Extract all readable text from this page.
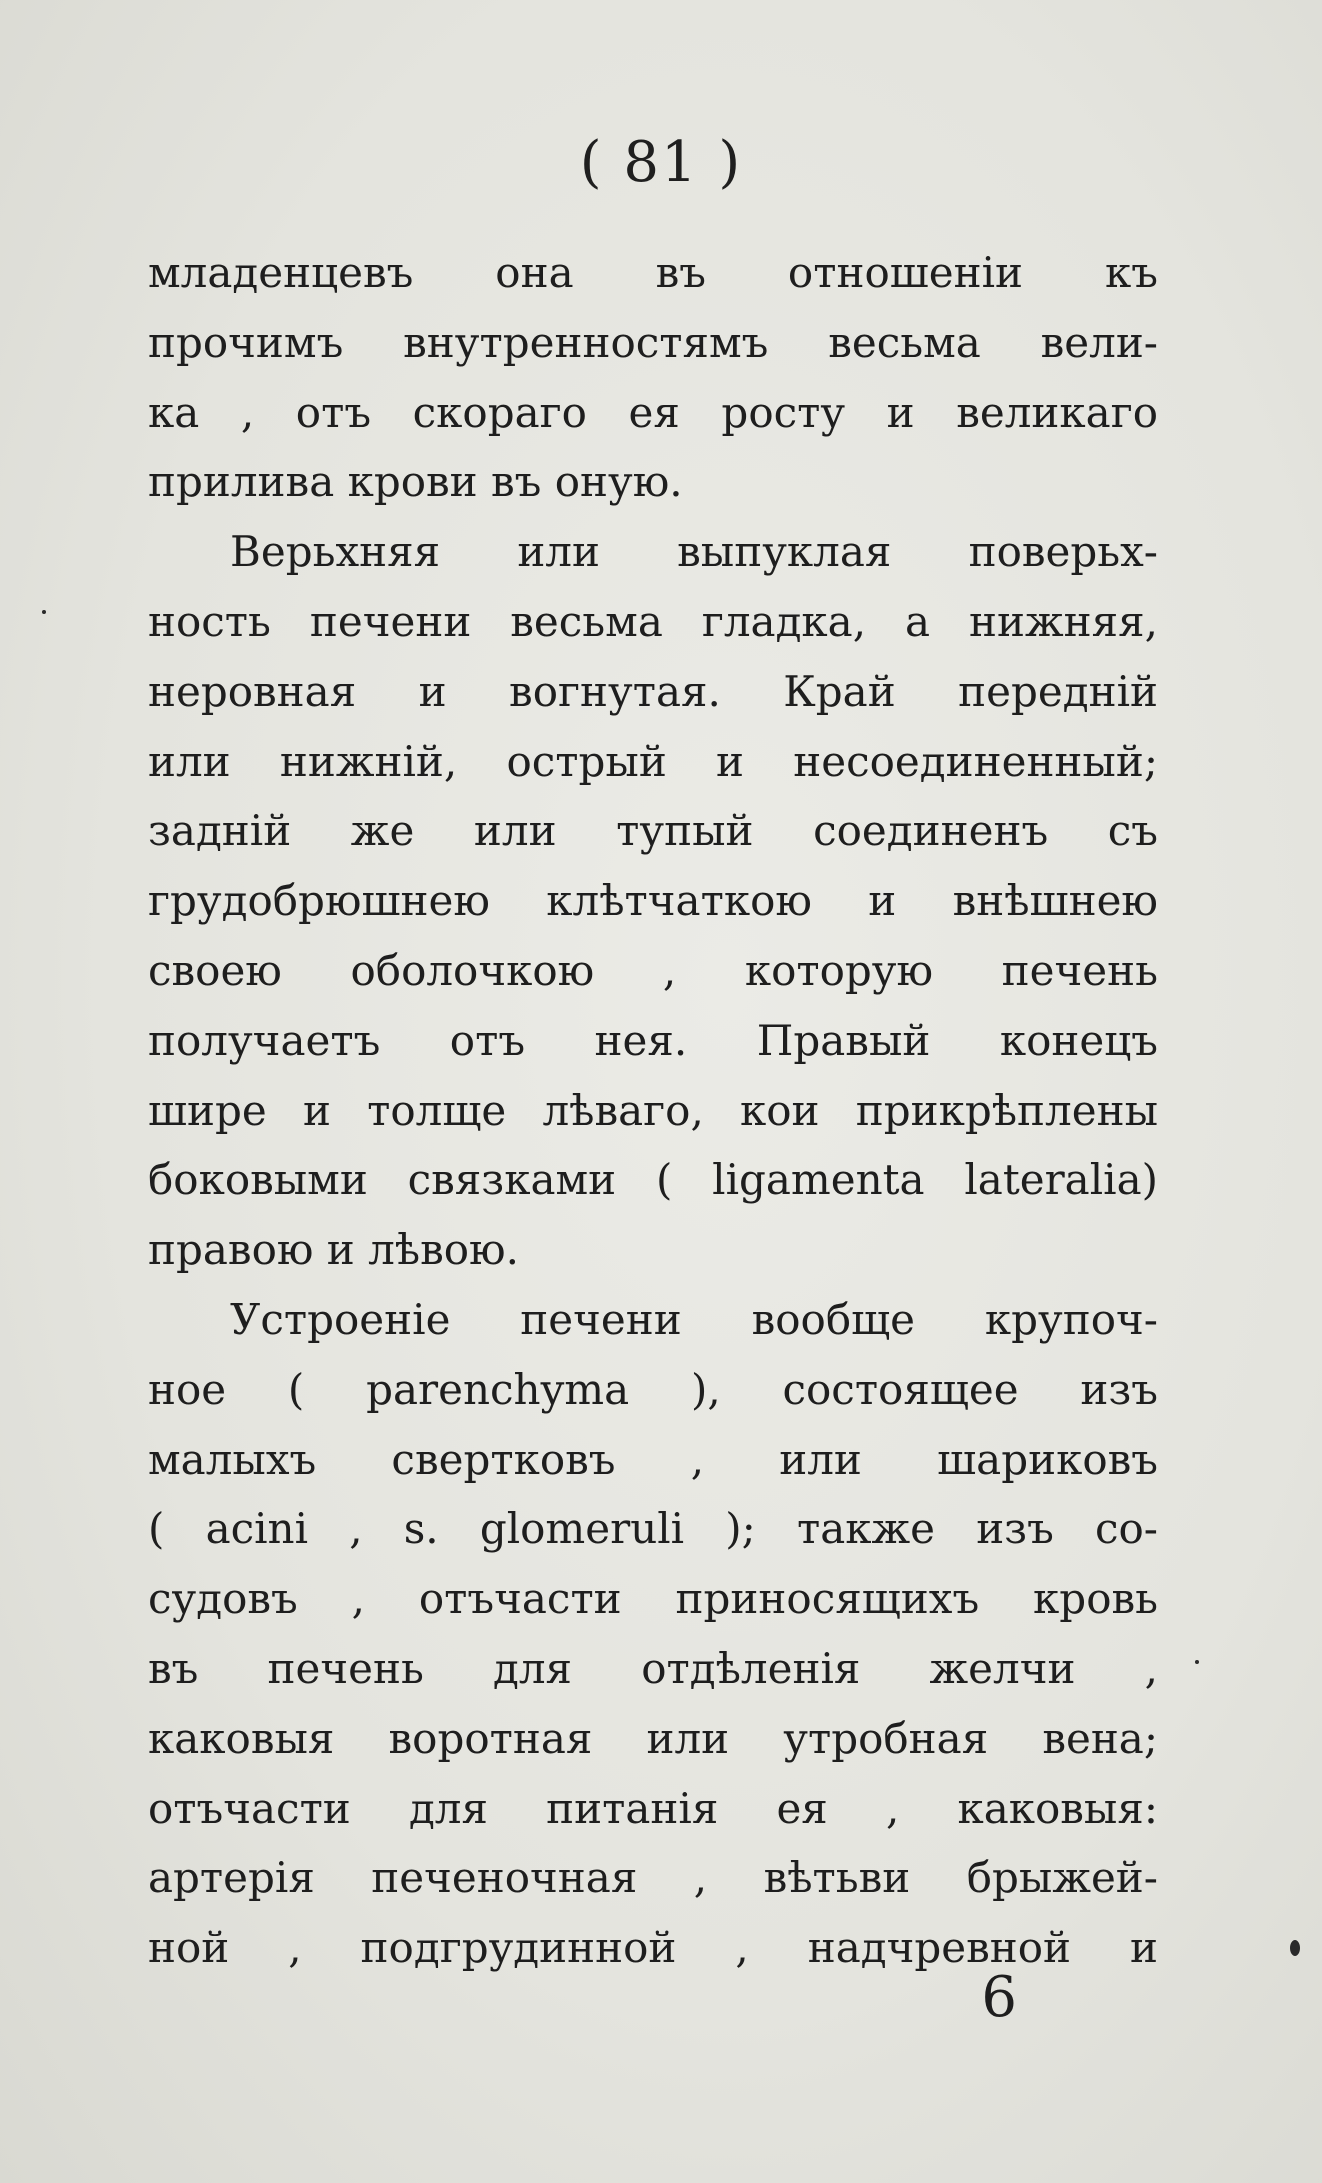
( 81 )
младенцевъ она въ отношенiи къ
прочимъ внутренностямъ весьма вели-
ка , отъ скораго ея росту и великаго
прилива крови въ оную.
Верьхняя или выпуклая поверьх-
ность печени весьма гладка, а нижняя,
неровная и вогнутая. Край переднiй
или нижнiй, острый и несоединенный;
заднiй же или тупый соединенъ съ
грудобрюшнею клѣтчаткою и внѣшнею
своею оболочкою , которую печень
получаетъ отъ нея. Правый конецъ
шире и толще лѣваго, кои прикрѣплены
боковыми связками ( ligamenta lateralia)
правою и лѣвою.
Устроенiе печени вообще крупоч-
ное ( parenchyma ), состоящее изъ
малыхъ свертковъ , или шариковъ
( acini , s. glomeruli ); также изъ со-
судовъ , отъчасти приносящихъ кровь
въ печень для отдѣленiя желчи ,
каковыя воротная или утробная вена;
отъчасти для питанiя ея , каковыя:
артерiя печеночная , вѣтьви брыжей-
ной , подгрудинной , надчревной и
6
